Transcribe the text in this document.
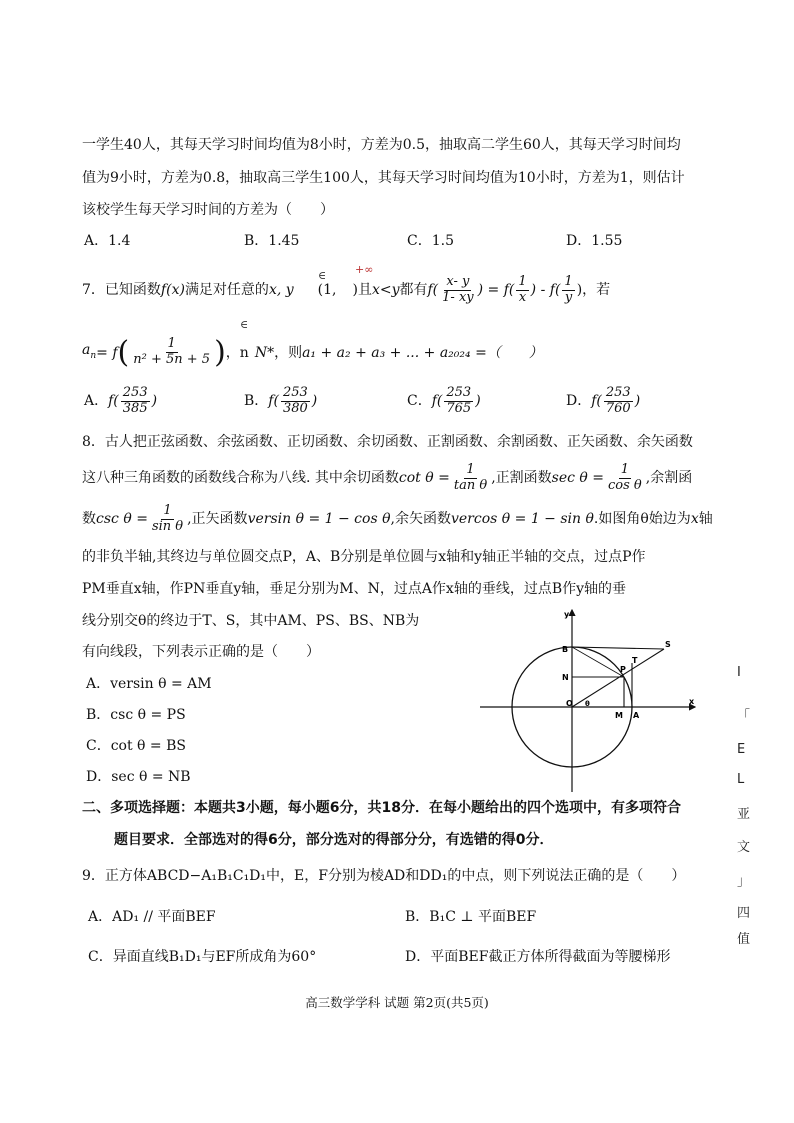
一学生40人，其每天学习时间均值为8小时，方差为0.5，抽取高二学生60人，其每天学习时间均
值为9小时，方差为0.8，抽取高三学生100人，其每天学习时间均值为10小时，方差为1，则估计
该校学生每天学习时间的方差为（　　）
A．1.4	B．1.45	C．1.5	D．1.55
7．已知函数 f(x) 满足对任意的 x, y (1, )且 x<y 都有 $f( \frac{x- y}{1- xy}$ ) = $f( \frac{1}{x}$ ) - $f( \frac{1}{y}$ )，若
∈	+∞
∈
$a_n = f$ ( $\frac{1}{\text{n² + 5n + 5}}$ ) ，n N* ，则 a₁ + a₂ + a₃ + ... + a₂₀₂₄ =（　　）
A． $f( \frac{253}{385}$ )	B． $f( \frac{253}{380}$ )	C． $f( \frac{253}{765}$ )	D． $f( \frac{253}{760}$ )
8．古人把正弦函数、余弦函数、正切函数、余切函数、正割函数、余割函数、正矢函数、余矢函数
这八种三角函数的函数线合称为八线. 其中余切函数 $\cot \theta = \frac{1}{\text{tan θ}}$ ,正割函数 $\sec \theta = \frac{1}{\text{cos θ}}$ ,余割函
数 $\csc \theta = \frac{1}{\text{sin θ}}$ ,正矢函数 versin θ = 1 − cos θ ,余矢函数 vercos θ = 1 − sin θ .如图角θ始边为 x 轴
的非负半轴,其终边与单位圆交点P，A、B分别是单位圆与x轴和y轴正半轴的交点，过点P作
PM垂直x轴，作PN垂直y轴，垂足分别为M、N，过点A作x轴的垂线，过点B作y轴的垂
线分别交θ的终边于T、S，其中AM、PS、BS、NB为
有向线段，下列表示正确的是（　　）
A．versin θ = AM
B．csc θ = PS
C．cot θ = BS
D．sec θ = NB
y
x
B
S
T
P
N
O θ
M A
二、多项选择题：本题共3小题，每小题6分，共18分．在每小题给出的四个选项中，有多项符合
题目要求．全部选对的得6分，部分选对的得部分分，有选错的得0分．
9．正方体ABCD−A₁B₁C₁D₁中，E，F分别为棱AD和DD₁的中点，则下列说法正确的是（　　）
A．AD₁ // 平面BEF	B．B₁C ⊥ 平面BEF
C．异面直线B₁D₁与EF所成角为60°	D．平面BEF截正方体所得截面为等腰梯形
I
「
E
L
亚
文
」
四
值
高三数学学科 试题 第2页(共5页)
